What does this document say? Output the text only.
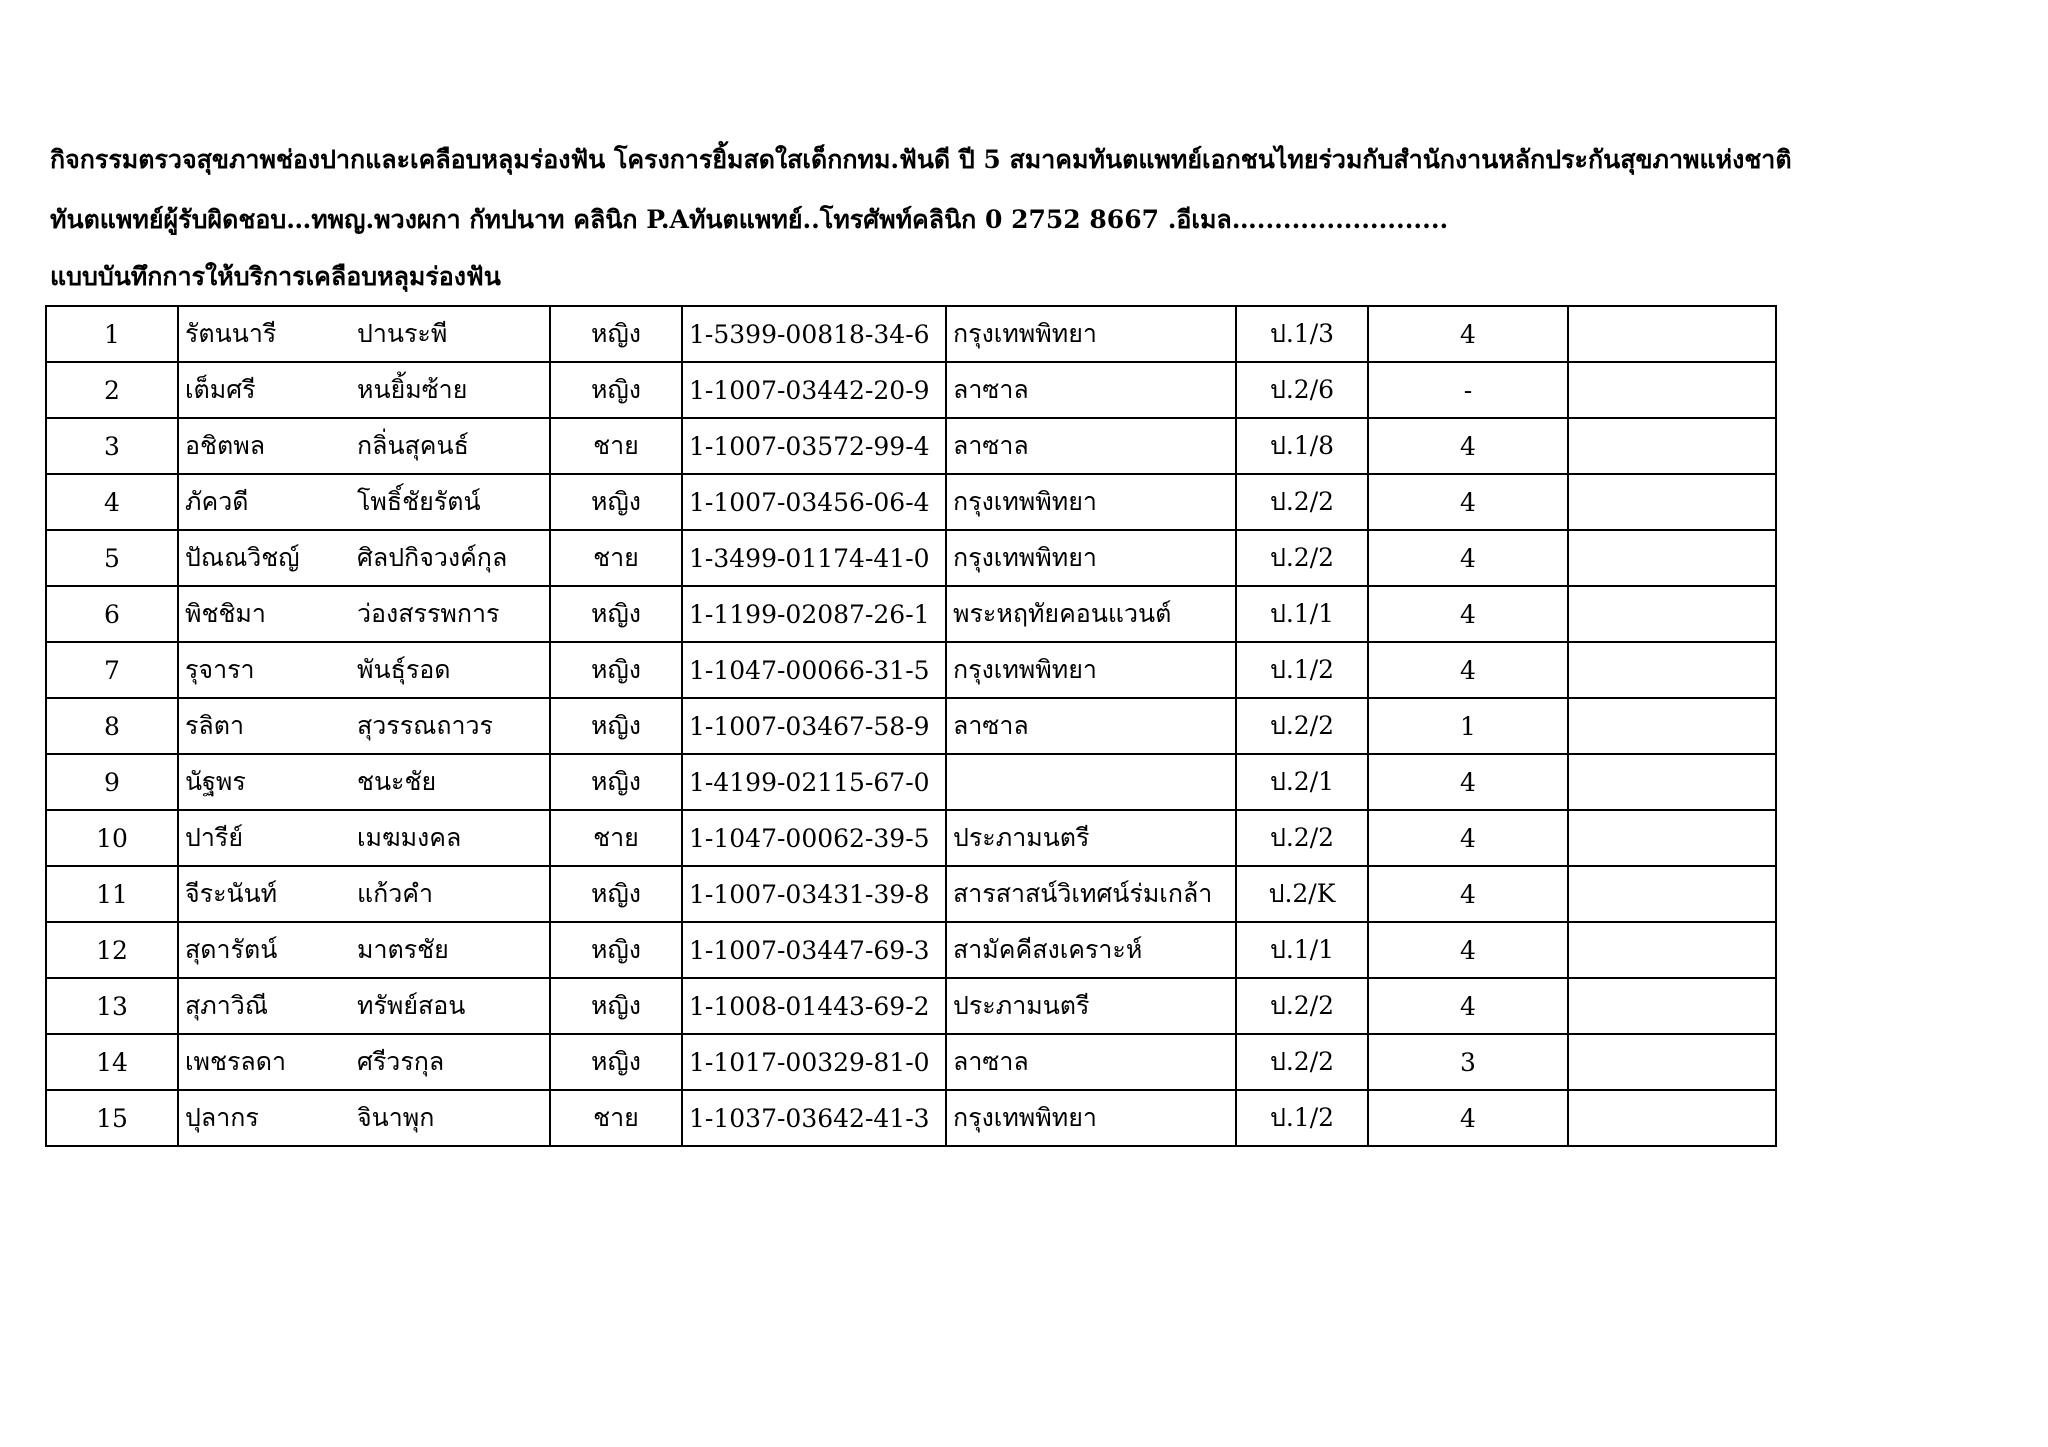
กิจกรรมตรวจสุขภาพช่องปากและเคลือบหลุมร่องฟัน โครงการยิ้มสดใสเด็กกทม.ฟันดี ปี 5 สมาคมทันตแพทย์เอกชนไทยร่วมกับสำนักงานหลักประกันสุขภาพแห่งชาติ
ทันตแพทย์ผู้รับผิดชอบ…ทพญ.พวงผกา กัทปนาท คลินิก P.Aทันตแพทย์..โทรศัพท์คลินิก 0 2752 8667 .อีเมล…......................
แบบบันทึกการให้บริการเคลือบหลุมร่องฟัน
1	รัตนนารี ปานระพี	หญิง	1-5399-00818-34-6	กรุงเทพพิทยา	ป.1/3	4	
2	เต็มศรี หนยิ้มซ้าย	หญิง	1-1007-03442-20-9	ลาซาล	ป.2/6	-	
3	อชิตพล กลิ่นสุคนธ์	ชาย	1-1007-03572-99-4	ลาซาล	ป.1/8	4	
4	ภัควดี โพธิ์ชัยรัตน์	หญิง	1-1007-03456-06-4	กรุงเทพพิทยา	ป.2/2	4	
5	ปัณณวิชญ์ ศิลปกิจวงค์กุล	ชาย	1-3499-01174-41-0	กรุงเทพพิทยา	ป.2/2	4	
6	พิชชิมา ว่องสรรพการ	หญิง	1-1199-02087-26-1	พระหฤทัยคอนแวนต์	ป.1/1	4	
7	รุจารา พันธุ์รอด	หญิง	1-1047-00066-31-5	กรุงเทพพิทยา	ป.1/2	4	
8	รลิตา สุวรรณถาวร	หญิง	1-1007-03467-58-9	ลาซาล	ป.2/2	1	
9	นัฐพร ชนะชัย	หญิง	1-4199-02115-67-0		ป.2/1	4	
10	ปารีย์ เมฆมงคล	ชาย	1-1047-00062-39-5	ประภามนตรี	ป.2/2	4	
11	จีระนันท์ แก้วคำ	หญิง	1-1007-03431-39-8	สารสาสน์วิเทศน์ร่มเกล้า	ป.2/K	4	
12	สุดารัตน์ มาตรชัย	หญิง	1-1007-03447-69-3	สามัคคีสงเคราะห์	ป.1/1	4	
13	สุภาวิณี ทรัพย์สอน	หญิง	1-1008-01443-69-2	ประภามนตรี	ป.2/2	4	
14	เพชรลดา ศรีวรกุล	หญิง	1-1017-00329-81-0	ลาซาล	ป.2/2	3	
15	ปุลากร จินาพุก	ชาย	1-1037-03642-41-3	กรุงเทพพิทยา	ป.1/2	4	
